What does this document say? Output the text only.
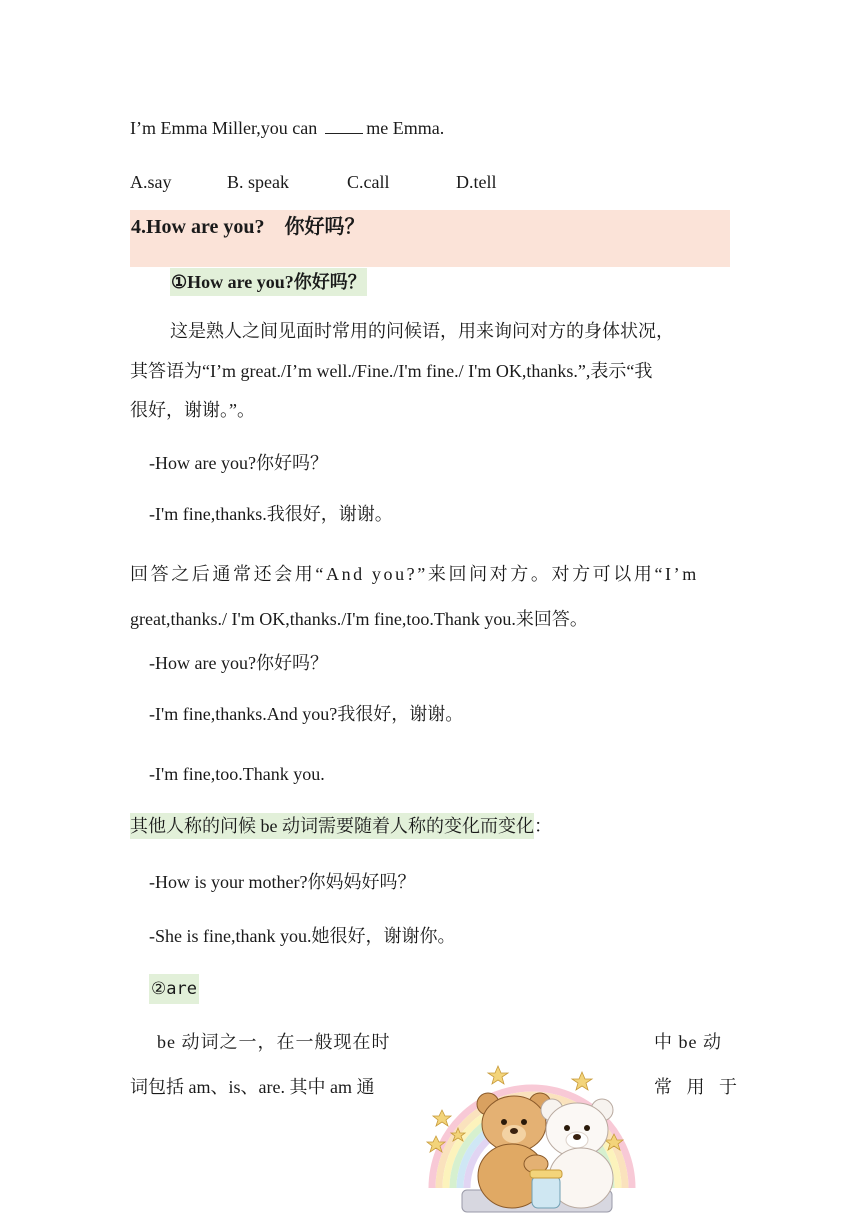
I’m Emma Miller,you can	me Emma.
A.say	B. speak	C.call	D.tell
4.How are you?　你好吗？
①How are you?你好吗？
这是熟人之间见面时常用的问候语，用来询问对方的身体状况，
其答语为“I’m great./I’m well./Fine./I'm fine./ I'm OK,thanks.”,表示“我
很好，谢谢。”。
-How are you?你好吗？
-I'm fine,thanks.我很好，谢谢。
回答之后通常还会用“And you?”来回问对方。对方可以用“I’m
great,thanks./ I'm OK,thanks./I'm fine,too.Thank you.来回答。
-How are you?你好吗？
-I'm fine,thanks.And you?我很好，谢谢。
-I'm fine,too.Thank you.
其他人称的问候 be 动词需要随着人称的变化而变化：
-How is your mother?你妈妈好吗？
-She is fine,thank you.她很好，谢谢你。
②are
be 动词之一，在一般现在时	中 be 动
词包括 am、is、are. 其中 am 通	常 用 于
